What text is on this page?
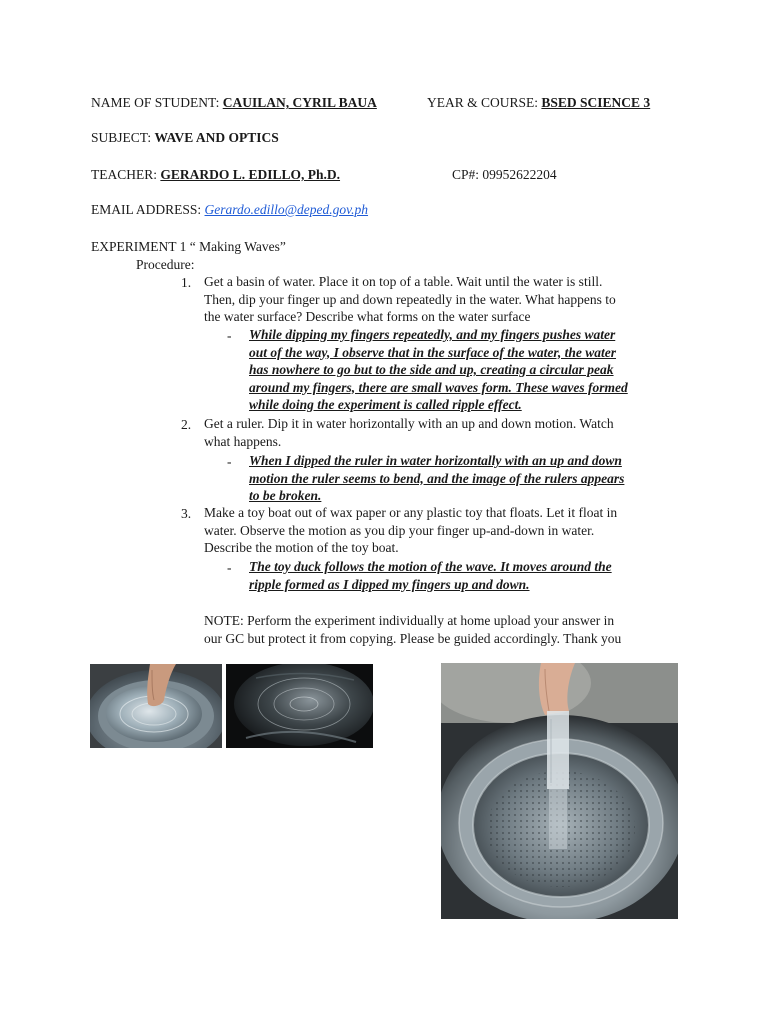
NAME OF STUDENT: CAUILAN, CYRIL BAUA	YEAR & COURSE: BSED SCIENCE 3
SUBJECT: WAVE AND OPTICS
TEACHER: GERARDO L. EDILLO, Ph.D.	CP#: 09952622204
EMAIL ADDRESS: Gerardo.edillo@deped.gov.ph
EXPERIMENT 1 “ Making Waves”
Procedure:
1. Get a basin of water. Place it on top of a table. Wait until the water is still.
Then, dip your finger up and down repeatedly in the water. What happens to
the water surface? Describe what forms on the water surface
- While dipping my fingers repeatedly, and my fingers pushes water
out of the way, I observe that in the surface of the water, the water
has nowhere to go but to the side and up, creating a circular peak
around my fingers, there are small waves form. These waves formed
while doing the experiment is called ripple effect.
2. Get a ruler. Dip it in water horizontally with an up and down motion. Watch
what happens.
- When I dipped the ruler in water horizontally with an up and down
motion the ruler seems to bend, and the image of the rulers appears
to be broken.
3. Make a toy boat out of wax paper or any plastic toy that floats. Let it float in
water. Observe the motion as you dip your finger up-and-down in water.
Describe the motion of the toy boat.
- The toy duck follows the motion of the wave. It moves around the
ripple formed as I dipped my fingers up and down.
NOTE: Perform the experiment individually at home upload your answer in
our GC but protect it from copying. Please be guided accordingly. Thank you
